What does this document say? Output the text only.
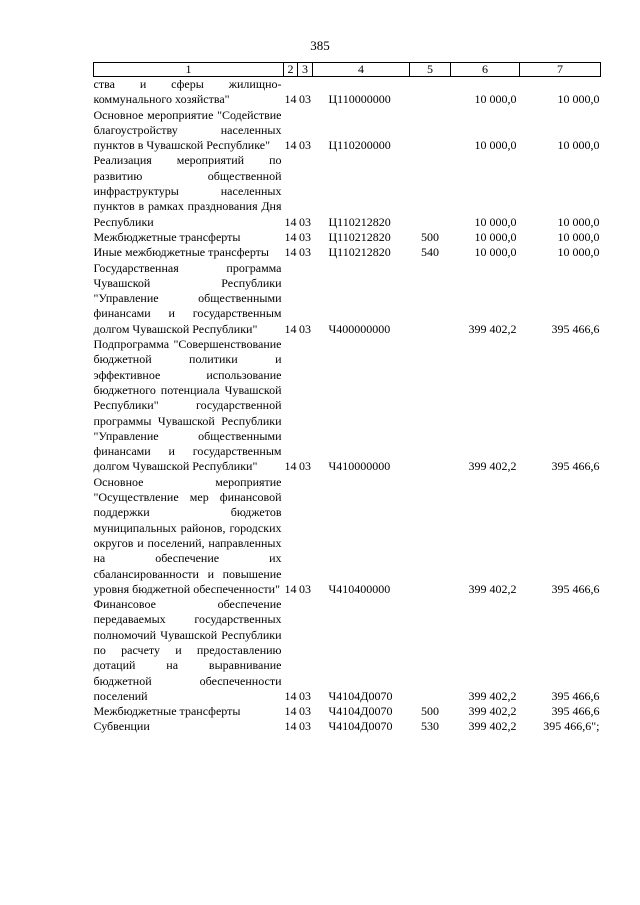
385
1	2	3	4	5	6	7
ства и сферы жилищно-коммунального хозяйства"	14	03	Ц110000000		10 000,0	10 000,0
Основное мероприятие "Содействие благоустройству населенных пунктов в Чувашской Республике"	14	03	Ц110200000		10 000,0	10 000,0
Реализация мероприятий по развитию общественной инфраструктуры населенных пунктов в рамках празднования Дня Республики	14	03	Ц110212820		10 000,0	10 000,0
Межбюджетные трансферты	14	03	Ц110212820	500	10 000,0	10 000,0
Иные межбюджетные трансферты	14	03	Ц110212820	540	10 000,0	10 000,0
Государственная программа Чувашской Республики "Управление общественными финансами и государственным долгом Чувашской Республики"	14	03	Ч400000000		399 402,2	395 466,6
Подпрограмма "Совершенствование бюджетной политики и эффективное использование бюджетного потенциала Чувашской Республики" государственной программы Чувашской Республики "Управление общественными финансами и государственным долгом Чувашской Республики"	14	03	Ч410000000		399 402,2	395 466,6
Основное мероприятие "Осуществление мер финансовой поддержки бюджетов муниципальных районов, городских округов и поселений, направленных на обеспечение их сбалансированности и повышение уровня бюджетной обеспеченности"	14	03	Ч410400000		399 402,2	395 466,6
Финансовое обеспечение передаваемых государственных полномочий Чувашской Республики по расчету и предоставлению дотаций на выравнивание бюджетной обеспеченности поселений	14	03	Ч4104Д0070		399 402,2	395 466,6
Межбюджетные трансферты	14	03	Ч4104Д0070	500	399 402,2	395 466,6
Субвенции	14	03	Ч4104Д0070	530	399 402,2	395 466,6";
